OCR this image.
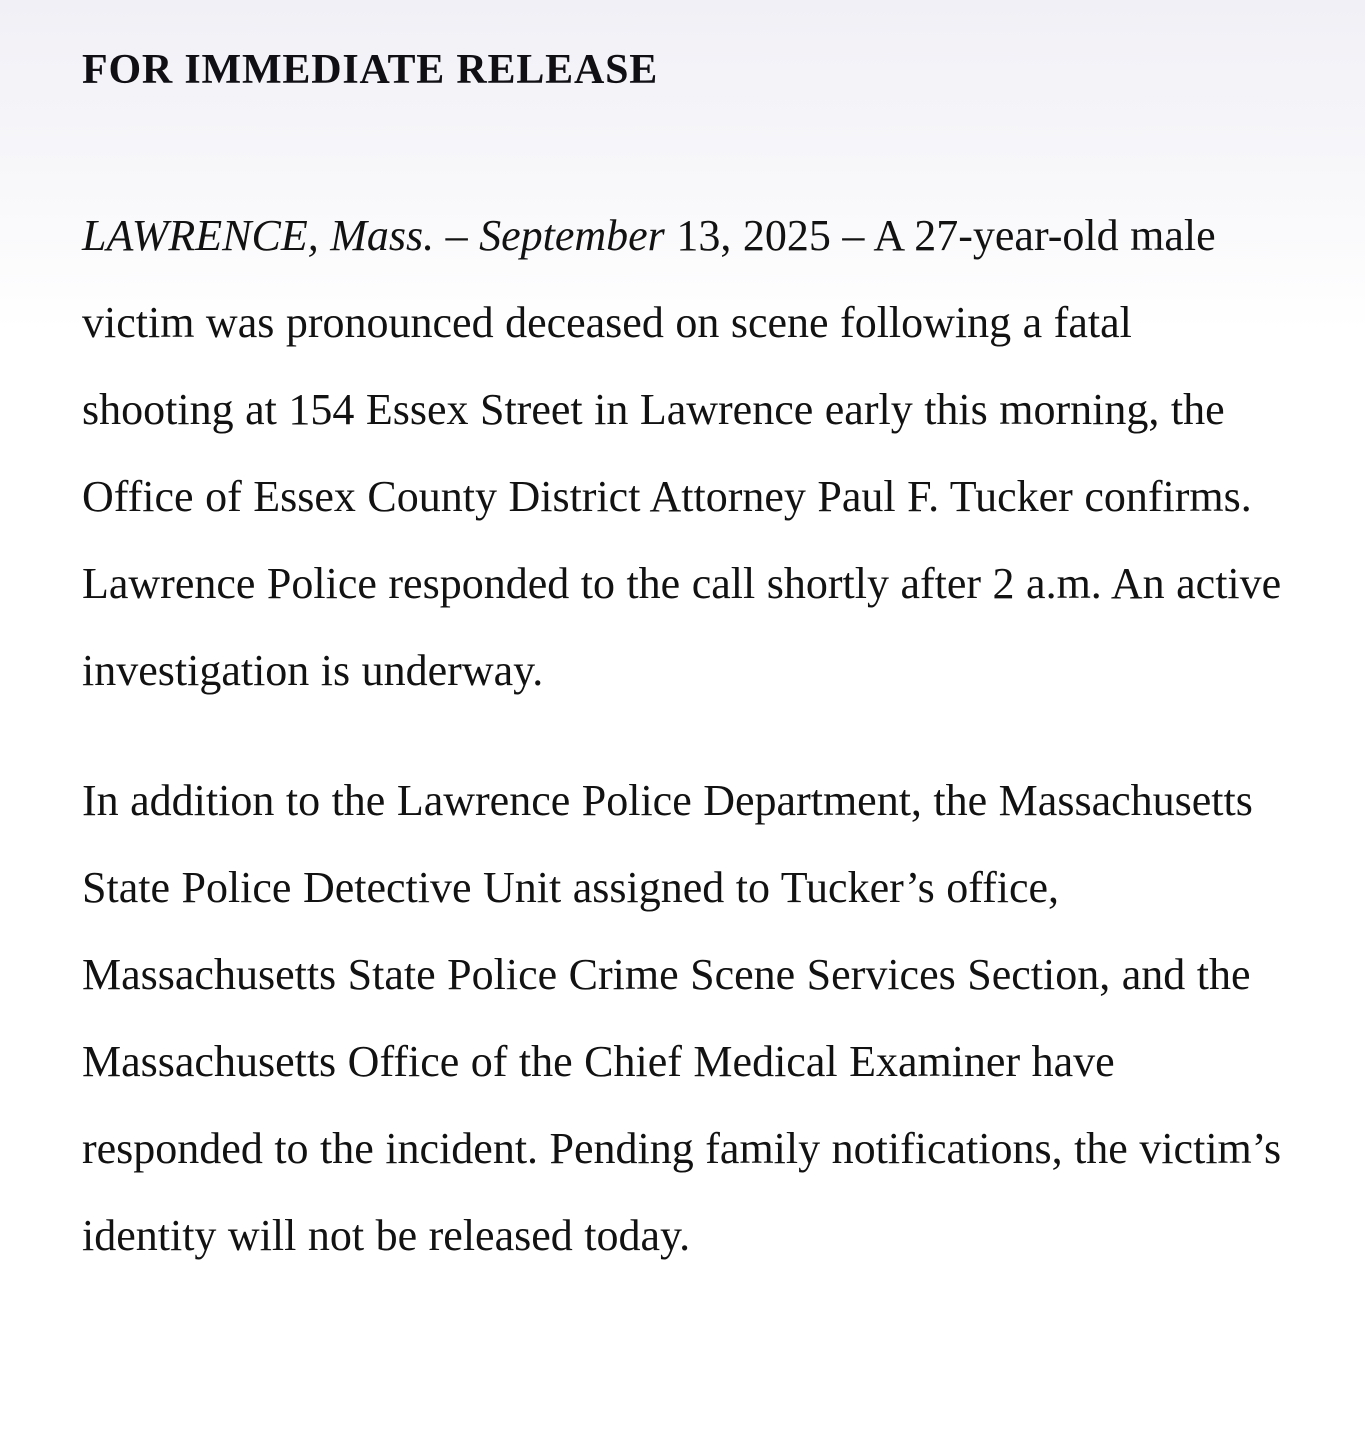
FOR IMMEDIATE RELEASE

LAWRENCE, Mass. – September 13, 2025 – A 27-year-old male victim was pronounced deceased on scene following a fatal shooting at 154 Essex Street in Lawrence early this morning, the Office of Essex County District Attorney Paul F. Tucker confirms. Lawrence Police responded to the call shortly after 2 a.m. An active investigation is underway.

In addition to the Lawrence Police Department, the Massachusetts State Police Detective Unit assigned to Tucker’s office, Massachusetts State Police Crime Scene Services Section, and the Massachusetts Office of the Chief Medical Examiner have responded to the incident. Pending family notifications, the victim’s identity will not be released today.
